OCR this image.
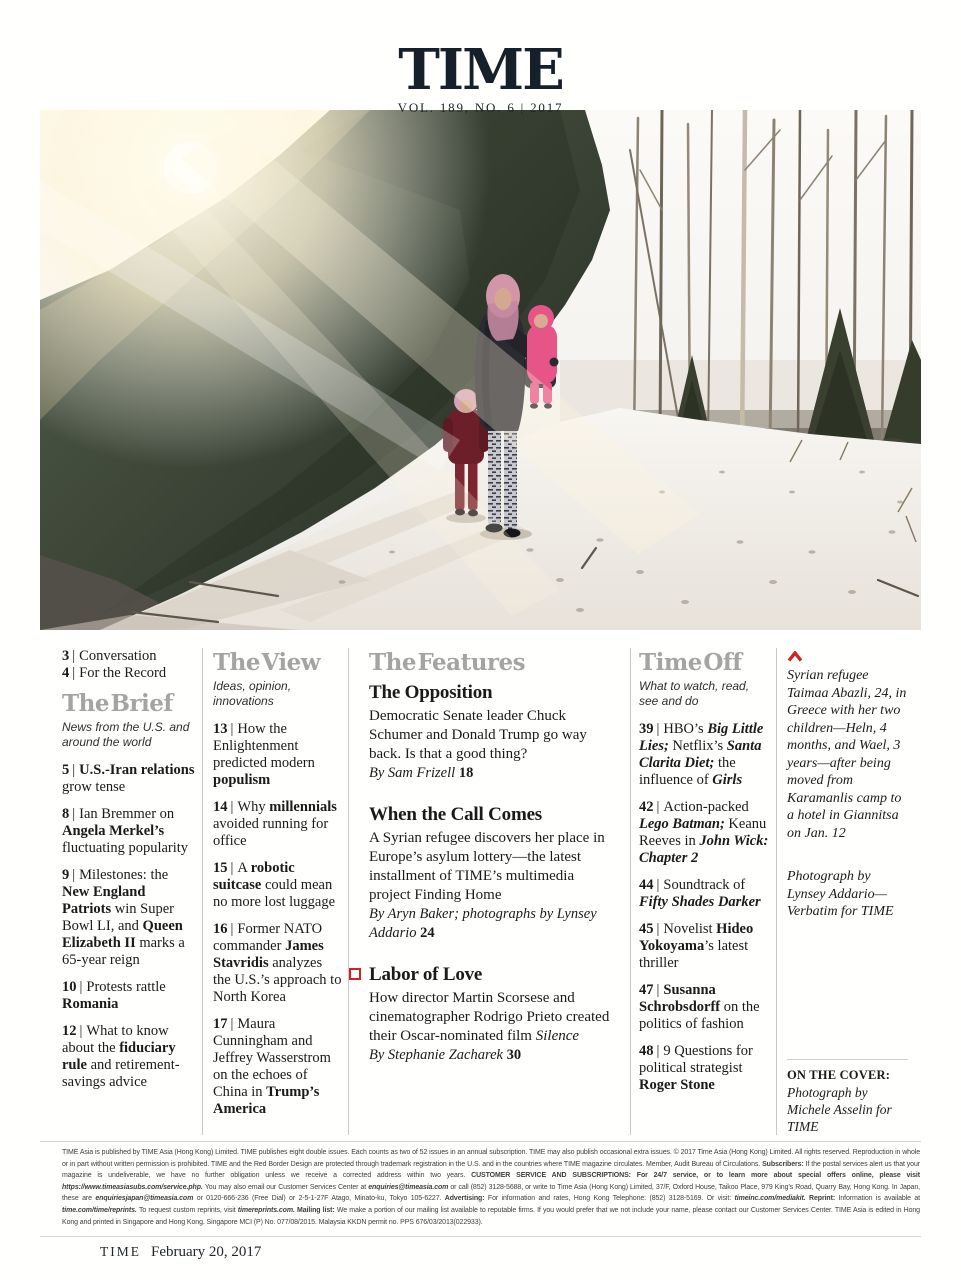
TIME
VOL. 189, NO. 6 | 2017
3 | Conversation
4 | For the Record
The Brief
News from the U.S. and around the world
5 | U.S.-Iran relations grow tense
8 | Ian Bremmer on Angela Merkel’s fluctuating popularity
9 | Milestones: the New England Patriots win Super Bowl LI, and Queen Elizabeth II marks a 65-year reign
10 | Protests rattle Romania
12 | What to know about the fiduciary rule and retirement-savings advice
The View
Ideas, opinion, innovations
13 | How the Enlightenment predicted modern populism
14 | Why millennials avoided running for office
15 | A robotic suitcase could mean no more lost luggage
16 | Former NATO commander James Stavridis analyzes the U.S.’s approach to North Korea
17 | Maura Cunningham and Jeffrey Wasserstrom on the echoes of China in Trump’s America
The Features
The Opposition
Democratic Senate leader Chuck Schumer and Donald Trump go way back. Is that a good thing?
By Sam Frizell 18
When the Call Comes
A Syrian refugee discovers her place in Europe’s asylum lottery—the latest installment of TIME’s multimedia project Finding Home
By Aryn Baker; photographs by Lynsey Addario 24
Labor of Love
How director Martin Scorsese and cinematographer Rodrigo Prieto created their Oscar-nominated film Silence
By Stephanie Zacharek 30
Time Off
What to watch, read, see and do
39 | HBO’s Big Little Lies; Netflix’s Santa Clarita Diet; the influence of Girls
42 | Action-packed Lego Batman; Keanu Reeves in John Wick: Chapter 2
44 | Soundtrack of Fifty Shades Darker
45 | Novelist Hideo Yokoyama’s latest thriller
47 | Susanna Schrobsdorff on the politics of fashion
48 | 9 Questions for political strategist Roger Stone
Syrian refugee Taimaa Abazli, 24, in Greece with her two children—Heln, 4 months, and Wael, 3 years—after being moved from Karamanlis camp to a hotel in Giannitsa on Jan. 12
Photograph by Lynsey Addario—Verbatim for TIME
ON THE COVER:
Photograph by Michele Asselin for TIME
TIME Asia is published by TIME Asia (Hong Kong) Limited. TIME publishes eight double issues. Each counts as two of 52 issues in an annual subscription. TIME may also publish occasional extra issues. © 2017 Time Asia (Hong Kong) Limited. All rights reserved. Reproduction in whole or in part without written permission is prohibited. TIME and the Red Border Design are protected through trademark registration in the U.S. and in the countries where TIME magazine circulates. Member, Audit Bureau of Circulations. Subscribers: If the postal services alert us that your magazine is undeliverable, we have no further obligation unless we receive a corrected address within two years. CUSTOMER SERVICE AND SUBSCRIPTIONS: For 24/7 service, or to learn more about special offers online, please visit https://www.timeasiasubs.com/service.php. You may also email our Customer Services Center at enquiries@timeasia.com or call (852) 3128-5688, or write to Time Asia (Hong Kong) Limited, 37/F, Oxford House, Taikoo Place, 979 King’s Road, Quarry Bay, Hong Kong. In Japan, these are enquiriesjapan@timeasia.com or 0120-666-236 (Free Dial) or 2-5-1-27F Atago, Minato-ku, Tokyo 105-6227. Advertising: For information and rates, Hong Kong Telephone: (852) 3128-5169. Or visit: timeinc.com/mediakit. Reprint: Information is available at time.com/time/reprints. To request custom reprints, visit timereprints.com. Mailing list: We make a portion of our mailing list available to reputable firms. If you would prefer that we not include your name, please contact our Customer Services Center. TIME Asia is edited in Hong Kong and printed in Singapore and Hong Kong. Singapore MCI (P) No. 077/08/2015. Malaysia KKDN permit no. PPS 676/03/2013(022933).
TIME February 20, 2017
